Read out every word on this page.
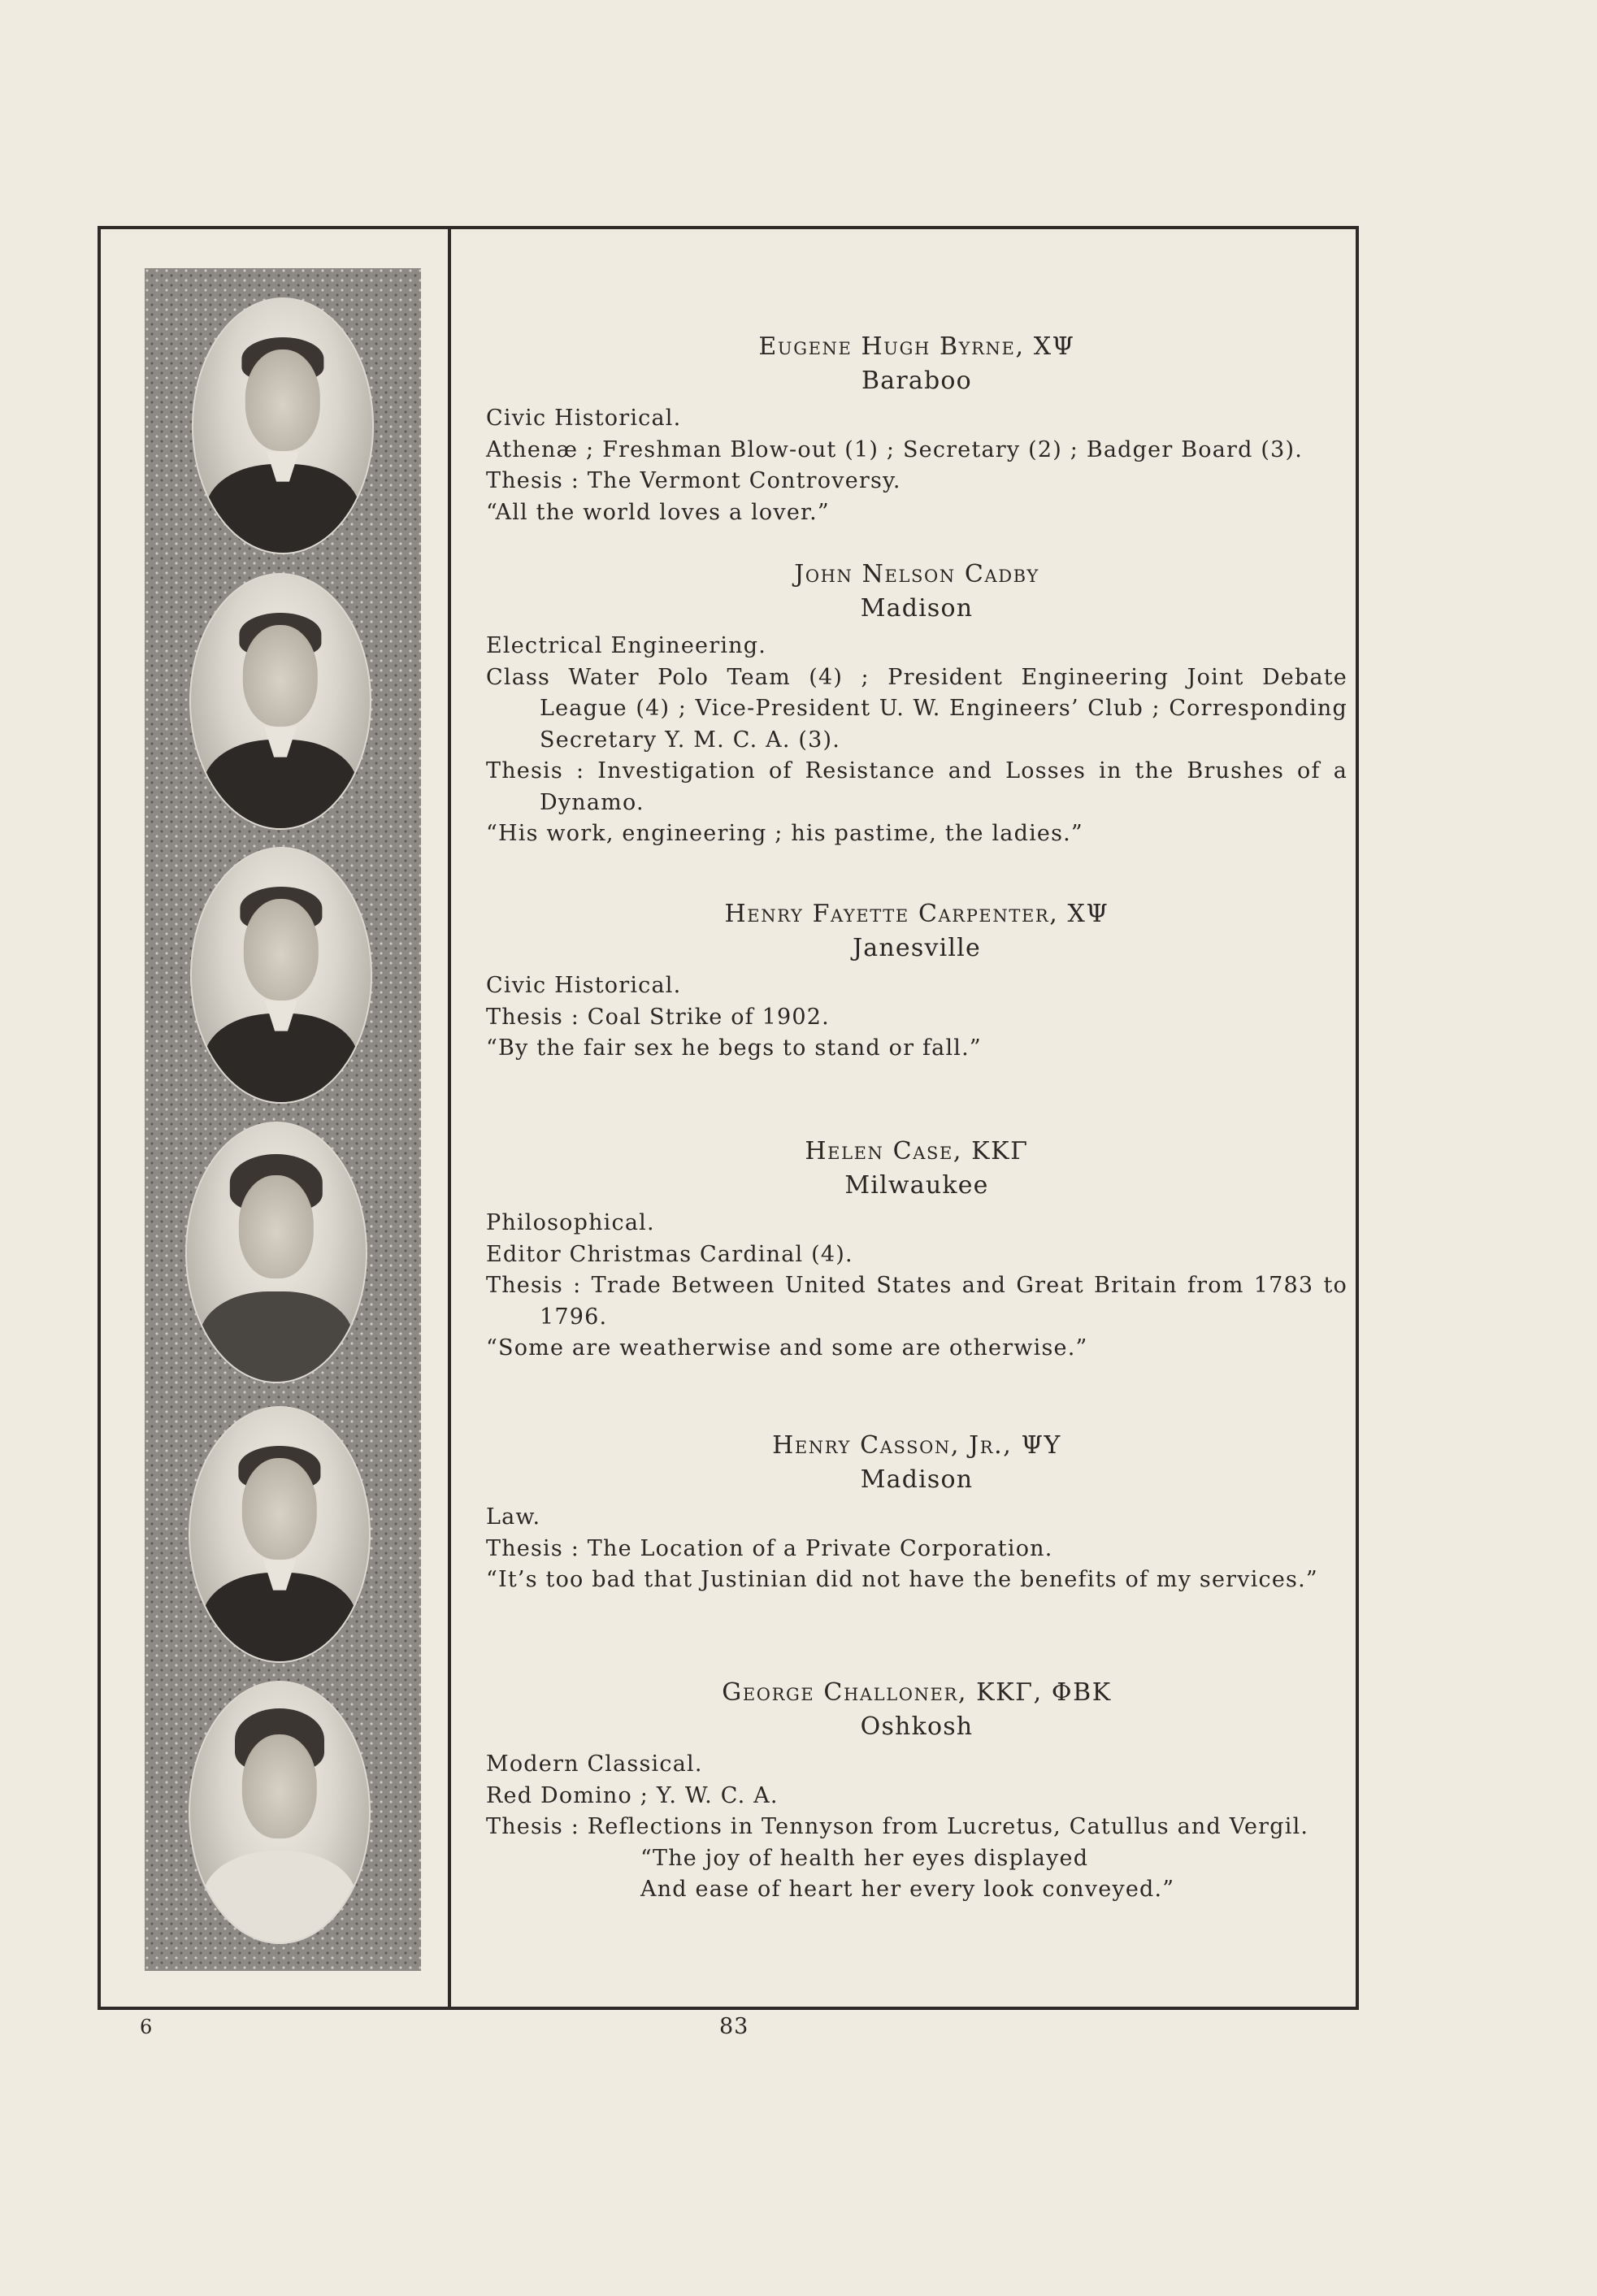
Eugene Hugh Byrne, XΨ
Baraboo
Civic Historical.
Athenæ ; Freshman Blow-out (1) ; Secretary (2) ; Badger Board (3).
Thesis : The Vermont Controversy.
“All the world loves a lover.”
John Nelson Cadby
Madison
Electrical Engineering.
Class Water Polo Team (4) ; President Engineering Joint Debate League (4) ; Vice-President U. W. Engineers’ Club ; Corresponding Secretary Y. M. C. A. (3).
Thesis : Investigation of Resistance and Losses in the Brushes of a Dynamo.
“His work, engineering ; his pastime, the ladies.”
Henry Fayette Carpenter, XΨ
Janesville
Civic Historical.
Thesis : Coal Strike of 1902.
“By the fair sex he begs to stand or fall.”
Helen Case, KKΓ
Milwaukee
Philosophical.
Editor Christmas Cardinal (4).
Thesis : Trade Between United States and Great Britain from 1783 to 1796.
“Some are weatherwise and some are otherwise.”
Henry Casson, Jr., ΨΥ
Madison
Law.
Thesis : The Location of a Private Corporation.
“It’s too bad that Justinian did not have the benefits of my services.”
George Challoner, KKΓ, ΦBK
Oshkosh
Modern Classical.
Red Domino ; Y. W. C. A.
Thesis : Reflections in Tennyson from Lucretus, Catullus and Vergil.
“The joy of health her eyes displayed
And ease of heart her every look conveyed.”
6	83
